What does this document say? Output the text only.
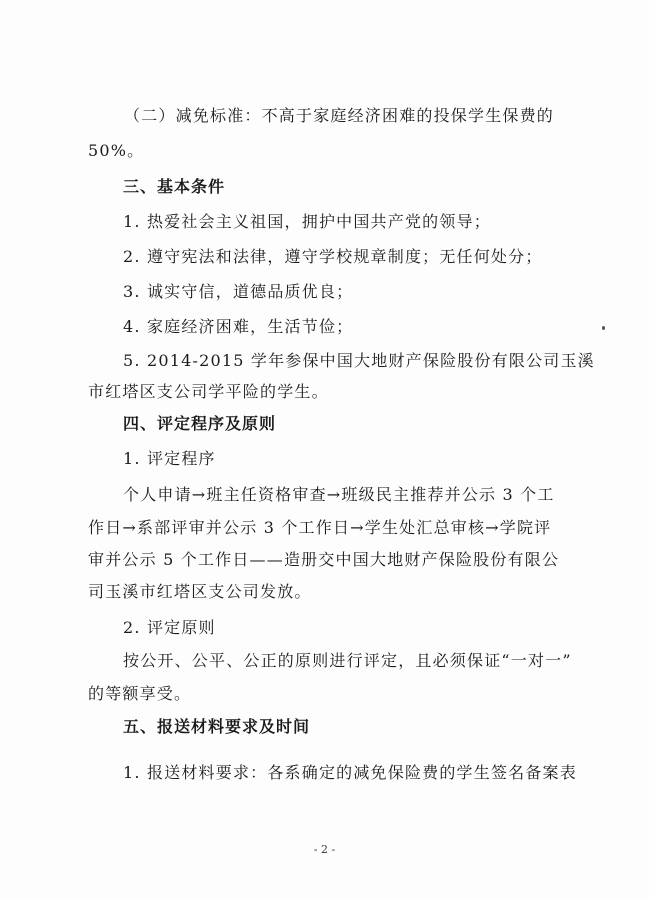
（二）减免标准：不高于家庭经济困难的投保学生保费的
50%。
三、基本条件
1. 热爱社会主义祖国，拥护中国共产党的领导；
2. 遵守宪法和法律，遵守学校规章制度；无任何处分；
3. 诚实守信，道德品质优良；
4. 家庭经济困难，生活节俭；
5. 2014-2015 学年参保中国大地财产保险股份有限公司玉溪
市红塔区支公司学平险的学生。
四、评定程序及原则
1. 评定程序
个人申请→班主任资格审查→班级民主推荐并公示 3 个工
作日→系部评审并公示 3 个工作日→学生处汇总审核→学院评
审并公示 5 个工作日——造册交中国大地财产保险股份有限公
司玉溪市红塔区支公司发放。
2. 评定原则
按公开、公平、公正的原则进行评定，且必须保证“一对一”
的等额享受。
五、报送材料要求及时间
1. 报送材料要求：各系确定的减免保险费的学生签名备案表
- 2 -
